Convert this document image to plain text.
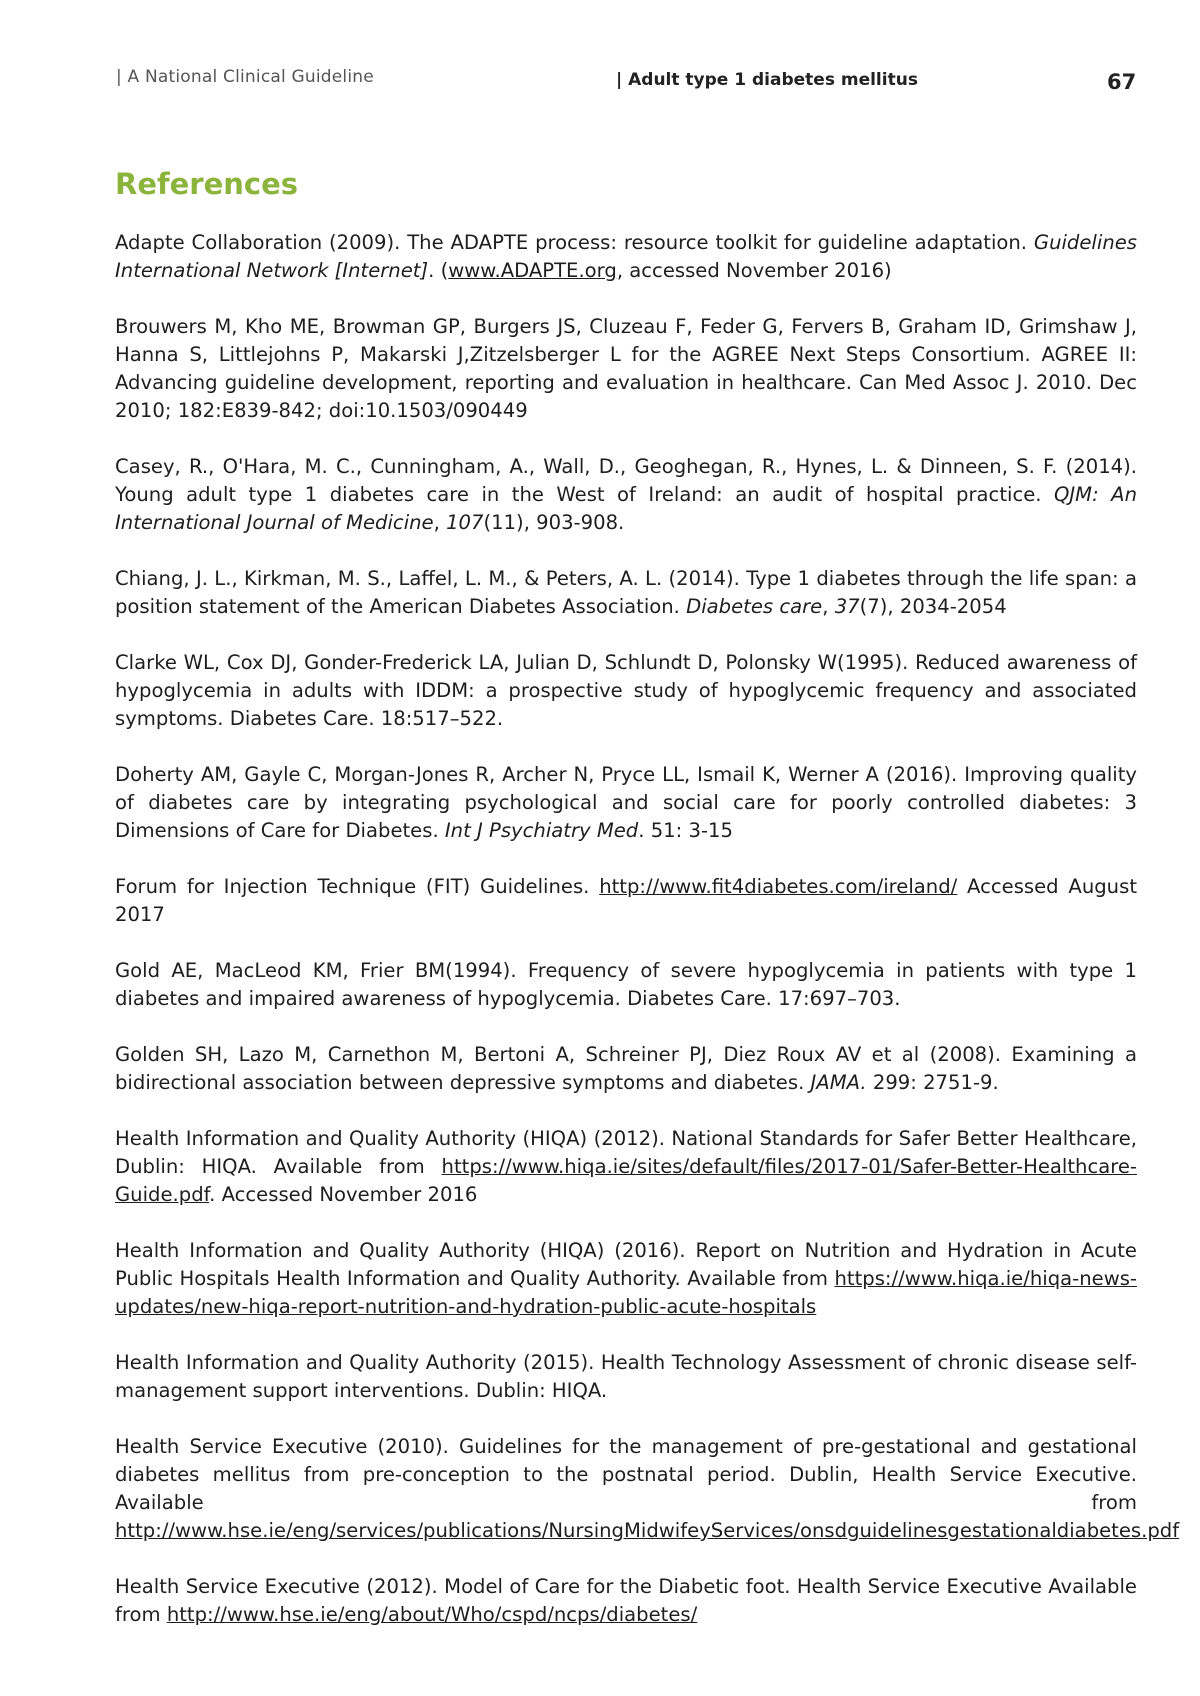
| A National Clinical Guideline	| Adult type 1 diabetes mellitus	67
References

Adapte Collaboration (2009). The ADAPTE process: resource toolkit for guideline adaptation. Guidelines International Network [Internet]. (www.ADAPTE.org, accessed November 2016)

Brouwers M, Kho ME, Browman GP, Burgers JS, Cluzeau F, Feder G, Fervers B, Graham ID, Grimshaw J, Hanna S, Littlejohns P, Makarski J,Zitzelsberger L for the AGREE Next Steps Consortium. AGREE II: Advancing guideline development, reporting and evaluation in healthcare. Can Med Assoc J. 2010. Dec 2010; 182:E839-842; doi:10.1503/090449

Casey, R., O'Hara, M. C., Cunningham, A., Wall, D., Geoghegan, R., Hynes, L. & Dinneen, S. F. (2014). Young adult type 1 diabetes care in the West of Ireland: an audit of hospital practice. QJM: An International Journal of Medicine, 107(11), 903-908.

Chiang, J. L., Kirkman, M. S., Laffel, L. M., & Peters, A. L. (2014). Type 1 diabetes through the life span: a position statement of the American Diabetes Association. Diabetes care, 37(7), 2034-2054

Clarke WL, Cox DJ, Gonder-Frederick LA, Julian D, Schlundt D, Polonsky W(1995). Reduced awareness of hypoglycemia in adults with IDDM: a prospective study of hypoglycemic frequency and associated symptoms. Diabetes Care. 18:517–522.

Doherty AM, Gayle C, Morgan-Jones R, Archer N, Pryce LL, Ismail K, Werner A (2016). Improving quality of diabetes care by integrating psychological and social care for poorly controlled diabetes: 3 Dimensions of Care for Diabetes. Int J Psychiatry Med. 51: 3-15

Forum for Injection Technique (FIT) Guidelines. http://www.fit4diabetes.com/ireland/ Accessed August 2017

Gold AE, MacLeod KM, Frier BM(1994). Frequency of severe hypoglycemia in patients with type 1 diabetes and impaired awareness of hypoglycemia. Diabetes Care. 17:697–703.

Golden SH, Lazo M, Carnethon M, Bertoni A, Schreiner PJ, Diez Roux AV et al (2008). Examining a bidirectional association between depressive symptoms and diabetes. JAMA. 299: 2751-9.

Health Information and Quality Authority (HIQA) (2012). National Standards for Safer Better Healthcare, Dublin: HIQA. Available from https://www.hiqa.ie/sites/default/files/2017-01/Safer-Better-Healthcare-Guide.pdf. Accessed November 2016

Health Information and Quality Authority (HIQA) (2016). Report on Nutrition and Hydration in Acute Public Hospitals Health Information and Quality Authority. Available from https://www.hiqa.ie/hiqa-news-updates/new-hiqa-report-nutrition-and-hydration-public-acute-hospitals

Health Information and Quality Authority (2015). Health Technology Assessment of chronic disease self-management support interventions. Dublin: HIQA.

Health Service Executive (2010). Guidelines for the management of pre-gestational and gestational diabetes mellitus from pre-conception to the postnatal period. Dublin, Health Service Executive. Available from http://www.hse.ie/eng/services/publications/NursingMidwifeyServices/onsdguidelinesgestationaldiabetes.pdf

Health Service Executive (2012). Model of Care for the Diabetic foot. Health Service Executive Available from http://www.hse.ie/eng/about/Who/cspd/ncps/diabetes/
